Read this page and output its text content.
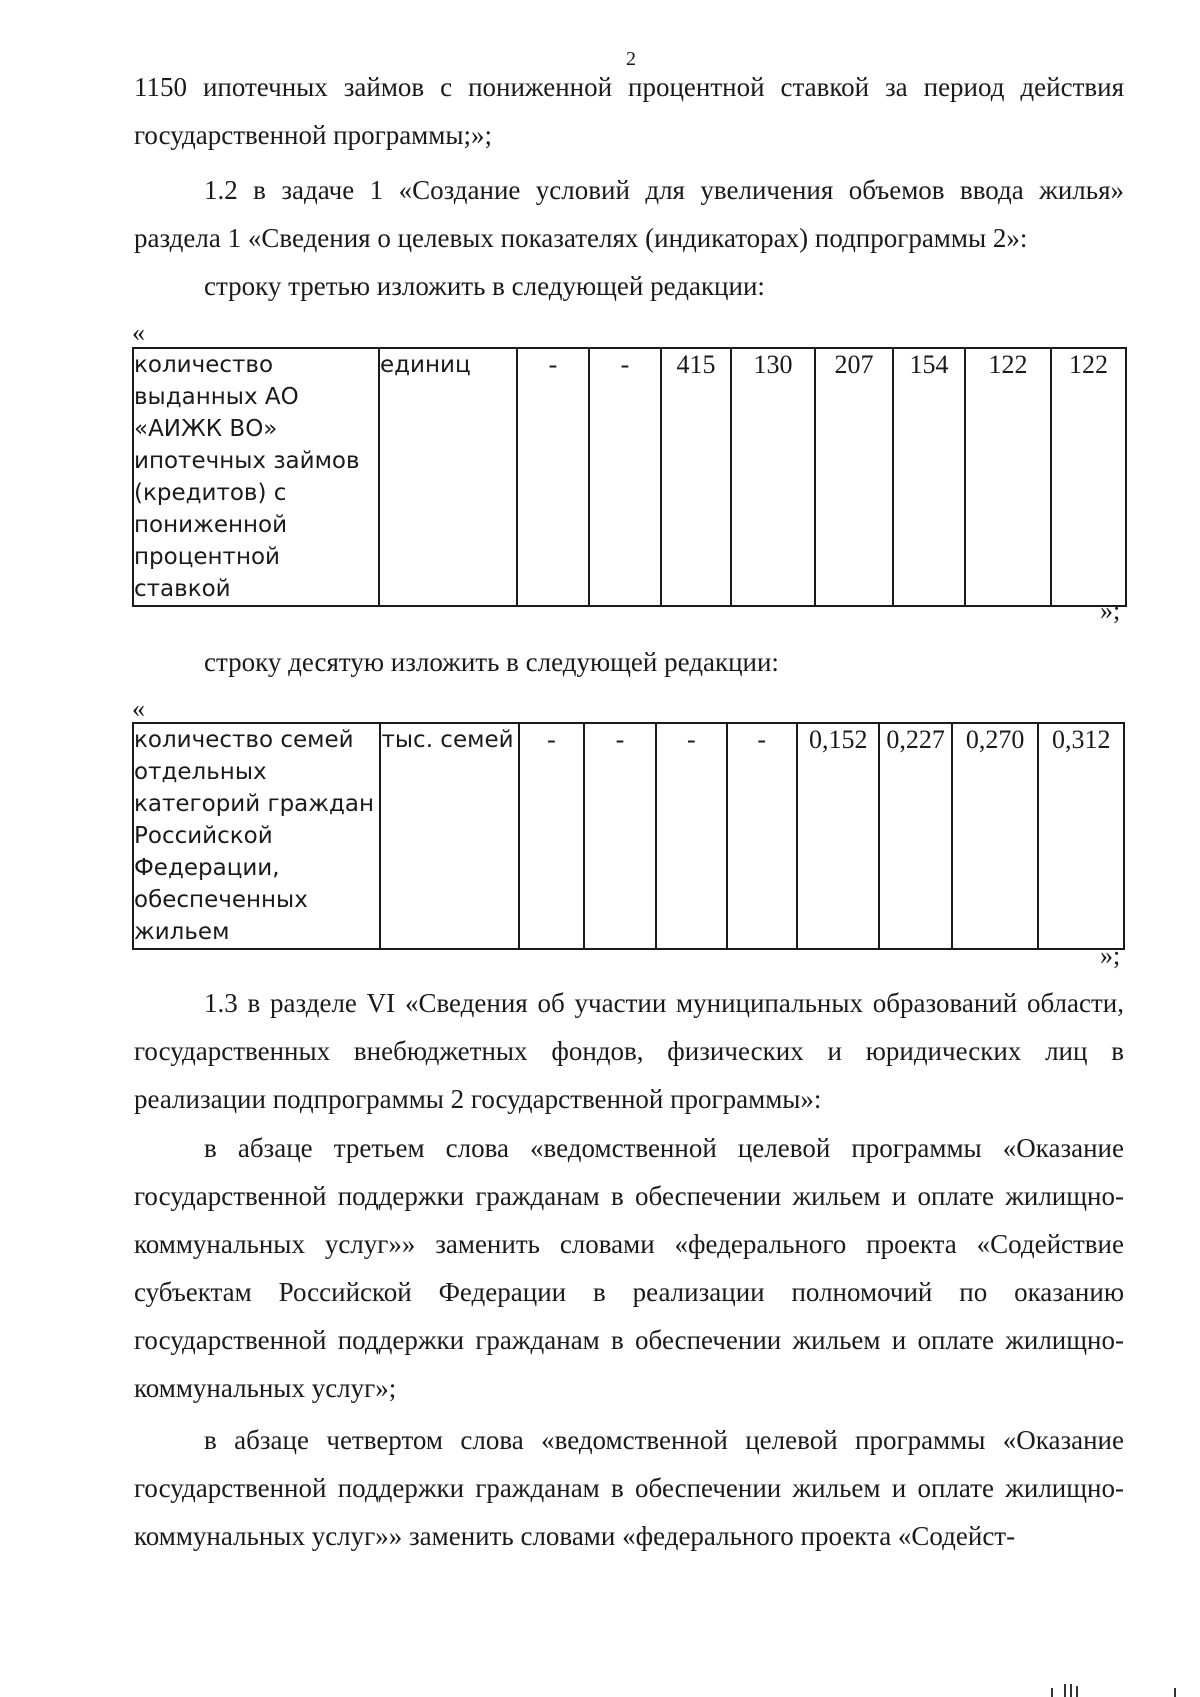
2

1150 ипотечных займов с пониженной процентной ставкой за период действия государственной программы;»;

1.2 в задаче 1 «Создание условий для увеличения объемов ввода жилья» раздела 1 «Сведения о целевых показателях (индикаторах) подпрограммы 2»:

строку третью изложить в следующей редакции:

«
количество выданных АО «АИЖК ВО» ипотечных займов (кредитов) с пониженной процентной ставкой	единиц	-	-	415	130	207	154	122	122
»;

строку десятую изложить в следующей редакции:

«
количество семей отдельных категорий граждан Российской Федерации, обеспеченных жильем	тыс. семей	-	-	-	-	0,152	0,227	0,270	0,312
»;

1.3 в разделе VI «Сведения об участии муниципальных образований области, государственных внебюджетных фондов, физических и юридических лиц в реализации подпрограммы 2 государственной программы»:

в абзаце третьем слова «ведомственной целевой программы «Оказание государственной поддержки гражданам в обеспечении жильем и оплате жилищно-коммунальных услуг»» заменить словами «федерального проекта «Содействие субъектам Российской Федерации в реализации полномочий по оказанию государственной поддержки гражданам в обеспечении жильем и оплате жилищно-коммунальных услуг»;

в абзаце четвертом слова «ведомственной целевой программы «Оказание государственной поддержки гражданам в обеспечении жильем и оплате жилищно-коммунальных услуг»» заменить словами «федерального проекта «Содейст-
